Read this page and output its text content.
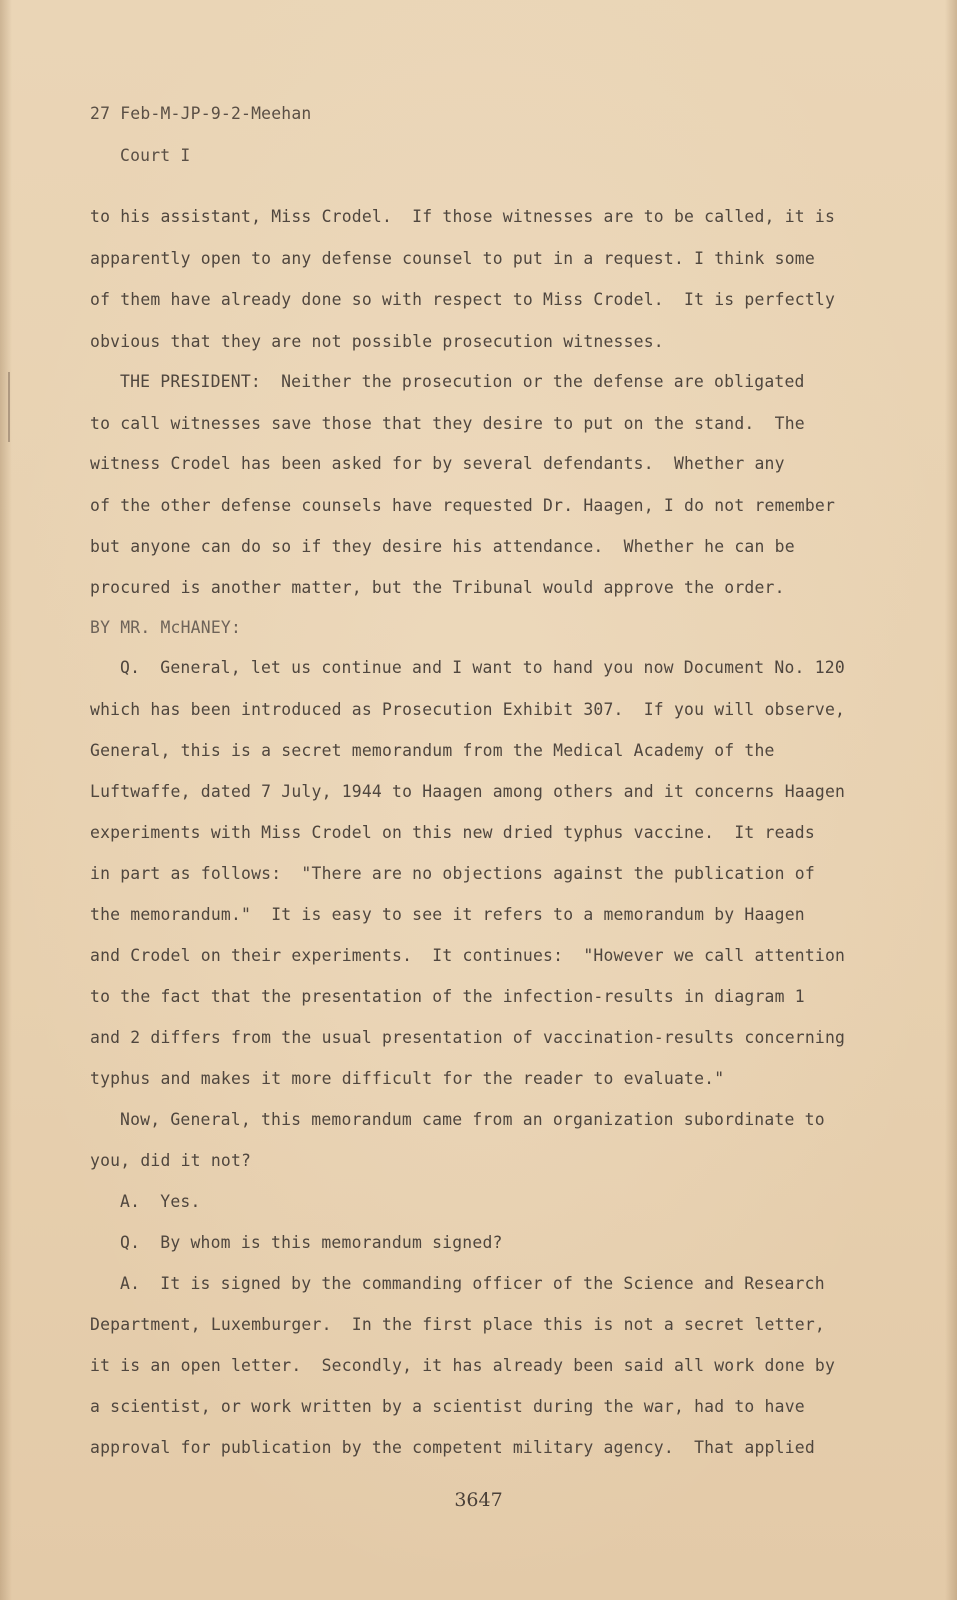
27 Feb-M-JP-9-2-Meehan
Court I
to his assistant, Miss Crodel.  If those witnesses are to be called, it is
apparently open to any defense counsel to put in a request. I think some
of them have already done so with respect to Miss Crodel.  It is perfectly
obvious that they are not possible prosecution witnesses.
THE PRESIDENT:  Neither the prosecution or the defense are obligated
to call witnesses save those that they desire to put on the stand.  The
witness Crodel has been asked for by several defendants.  Whether any
of the other defense counsels have requested Dr. Haagen, I do not remember
but anyone can do so if they desire his attendance.  Whether he can be
procured is another matter, but the Tribunal would approve the order.
BY MR. McHANEY:
Q.  General, let us continue and I want to hand you now Document No. 120
which has been introduced as Prosecution Exhibit 307.  If you will observe,
General, this is a secret memorandum from the Medical Academy of the
Luftwaffe, dated 7 July, 1944 to Haagen among others and it concerns Haagen
experiments with Miss Crodel on this new dried typhus vaccine.  It reads
in part as follows:  "There are no objections against the publication of
the memorandum."  It is easy to see it refers to a memorandum by Haagen
and Crodel on their experiments.  It continues:  "However we call attention
to the fact that the presentation of the infection-results in diagram 1
and 2 differs from the usual presentation of vaccination-results concerning
typhus and makes it more difficult for the reader to evaluate."
Now, General, this memorandum came from an organization subordinate to
you, did it not?
A.  Yes.
Q.  By whom is this memorandum signed?
A.  It is signed by the commanding officer of the Science and Research
Department, Luxemburger.  In the first place this is not a secret letter,
it is an open letter.  Secondly, it has already been said all work done by
a scientist, or work written by a scientist during the war, had to have
approval for publication by the competent military agency.  That applied
3647
